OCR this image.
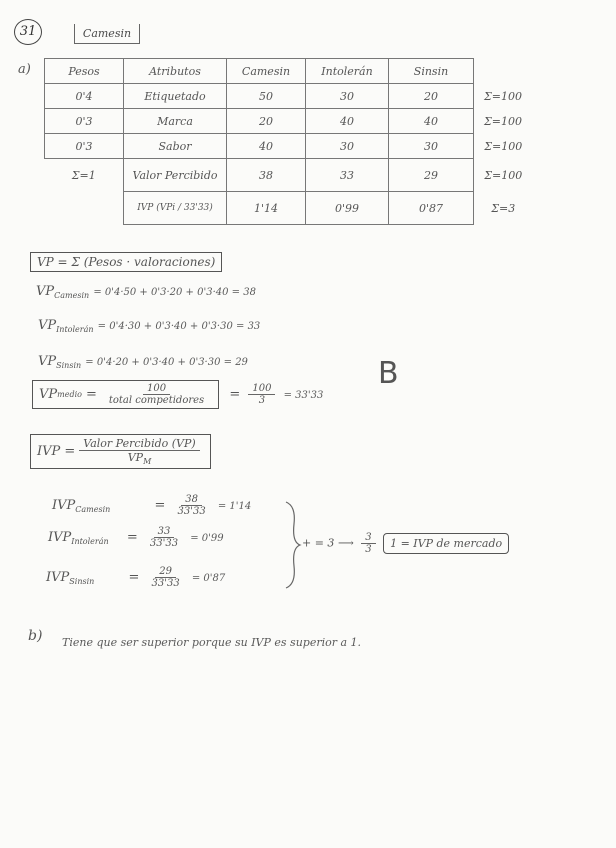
31	Camesin
a)	Pesos	Atributos	Camesin	Intolerán	Sinsin	
0'4	Etiquetado	50	30	20	Σ=100
0'3	Marca	20	40	40	Σ=100
0'3	Sabor	40	30	30	Σ=100
Σ=1	Valor Percibido	38	33	29	Σ=100
	IVP (VPi / 33'33)	1'14	0'99	0'87	Σ=3
VP = Σ (Pesos · valoraciones)
$VP_{Camesin} = 0'4\cdot 50 + 0'3\cdot 20 + 0'3\cdot 40 = 38$
$VP_{Intolerán} = 0'4\cdot 30 + 0'3\cdot 40 + 0'3\cdot 30 = 33$
$VP_{Sinsin} = 0'4\cdot 20 + 0'3\cdot 40 + 0'3\cdot 30 = 29$	B
VP medio = $\frac{100}{\text{total competidores}} = \frac{100}{3} = 33'33$
IVP = $\frac{\text{Valor Percibido (VP)}}{VP_M}$
$IVP_{Camesin}$	= $\frac{38}{33'33} = 1'14$
$IVP_{Intolerán} = \frac{33}{33'33} = 0'99$
$IVP_{Sinsin}$	= $\frac{29}{33'33} = 0'87$
+ = 3 ⟶ $\frac{3}{3} 1$ = IVP de mercado
b) Tiene que ser superior porque su IVP es superior a 1.
